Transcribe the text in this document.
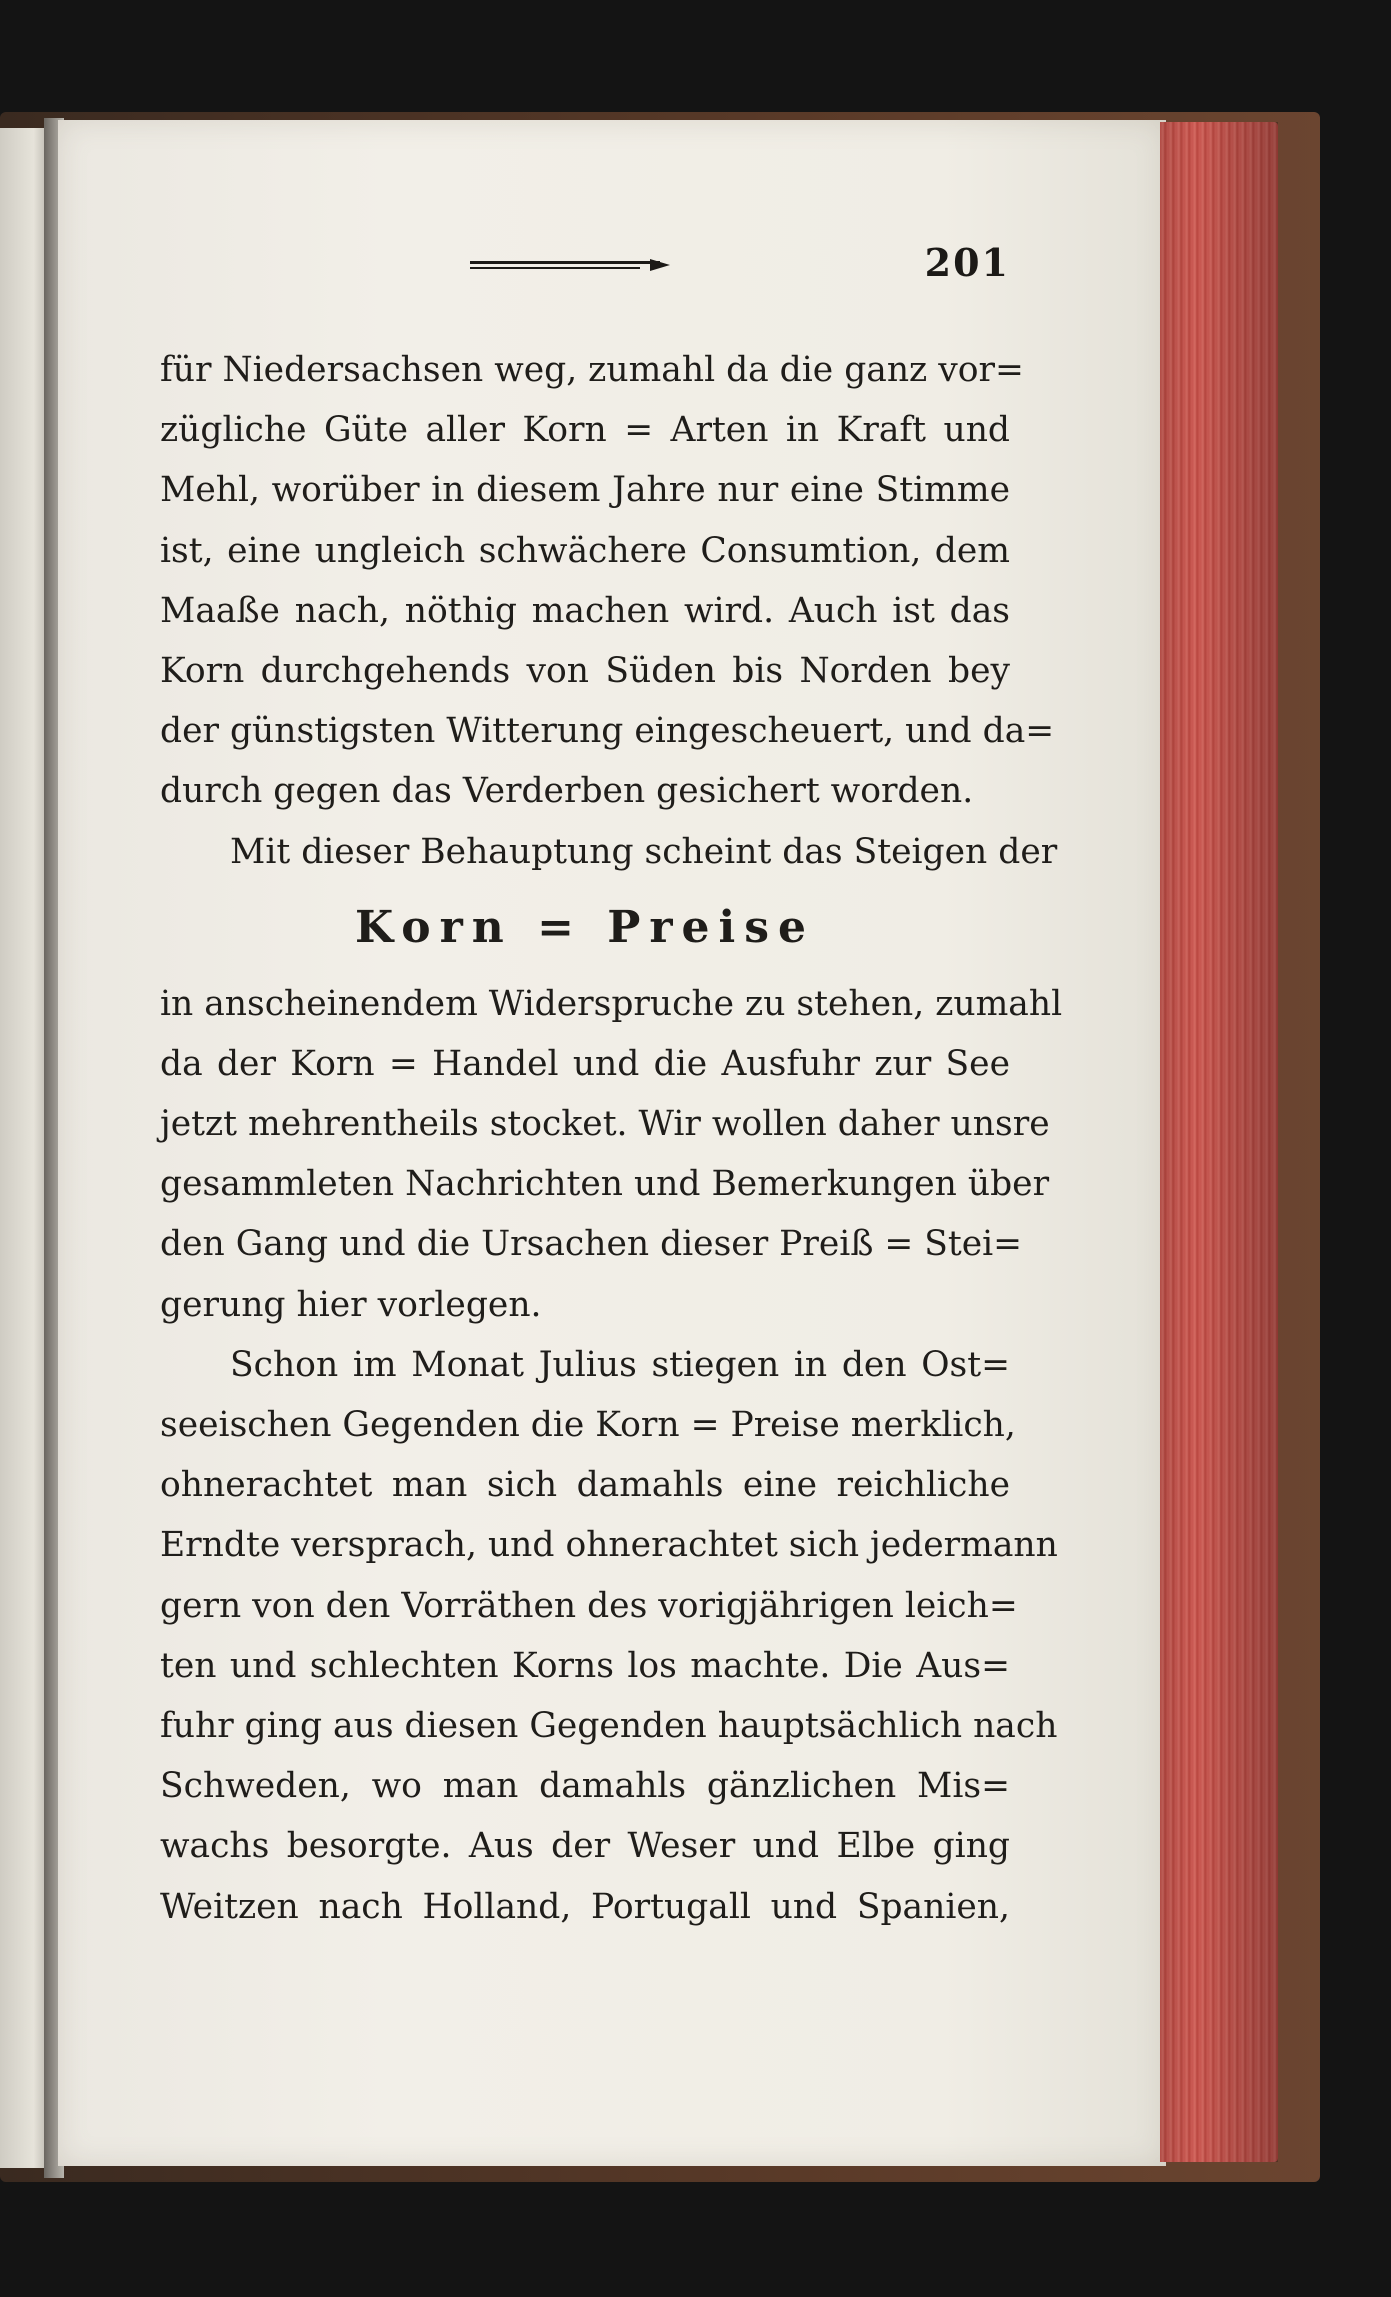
201
für Niedersachsen weg, zumahl da die ganz vor=
zügliche Güte aller Korn = Arten in Kraft und
Mehl, worüber in diesem Jahre nur eine Stimme
ist, eine ungleich schwächere Consumtion, dem
Maaße nach, nöthig machen wird. Auch ist das
Korn durchgehends von Süden bis Norden bey
der günstigsten Witterung eingescheuert, und da=
durch gegen das Verderben gesichert worden.
Mit dieser Behauptung scheint das Steigen der
Korn = Preise
in anscheinendem Widerspruche zu stehen, zumahl
da der Korn = Handel und die Ausfuhr zur See
jetzt mehrentheils stocket. Wir wollen daher unsre
gesammleten Nachrichten und Bemerkungen über
den Gang und die Ursachen dieser Preiß = Stei=
gerung hier vorlegen.
Schon im Monat Julius stiegen in den Ost=
seeischen Gegenden die Korn = Preise merklich,
ohnerachtet man sich damahls eine reichliche
Erndte versprach, und ohnerachtet sich jedermann
gern von den Vorräthen des vorigjährigen leich=
ten und schlechten Korns los machte. Die Aus=
fuhr ging aus diesen Gegenden hauptsächlich nach
Schweden, wo man damahls gänzlichen Mis=
wachs besorgte. Aus der Weser und Elbe ging
Weitzen nach Holland, Portugall und Spanien,
